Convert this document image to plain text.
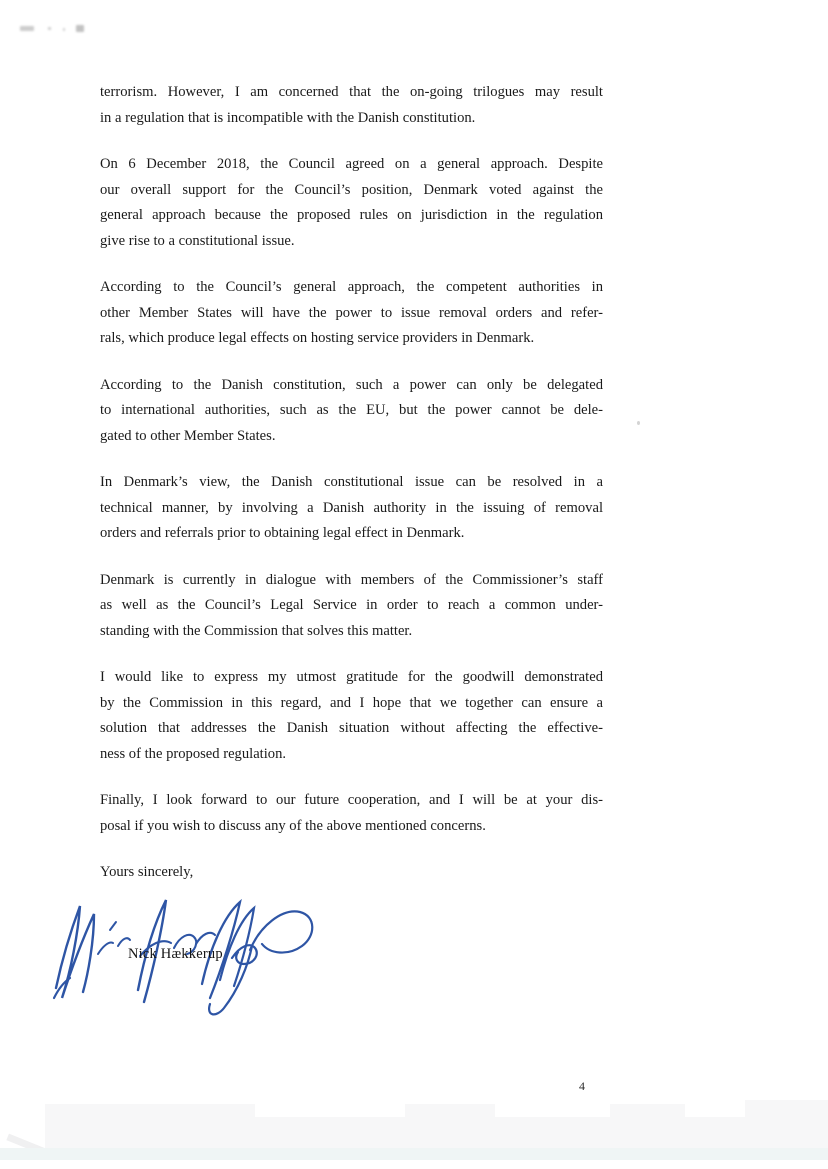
terrorism. However, I am concerned that the on-going trilogues may result
in a regulation that is incompatible with the Danish constitution.
On 6 December 2018, the Council agreed on a general approach. Despite
our overall support for the Council’s position, Denmark voted against the
general approach because the proposed rules on jurisdiction in the regulation
give rise to a constitutional issue.
According to the Council’s general approach, the competent authorities in
other Member States will have the power to issue removal orders and refer-
rals, which produce legal effects on hosting service providers in Denmark.
According to the Danish constitution, such a power can only be delegated
to international authorities, such as the EU, but the power cannot be dele-
gated to other Member States.
In Denmark’s view, the Danish constitutional issue can be resolved in a
technical manner, by involving a Danish authority in the issuing of removal
orders and referrals prior to obtaining legal effect in Denmark.
Denmark is currently in dialogue with members of the Commissioner’s staff
as well as the Council’s Legal Service in order to reach a common under-
standing with the Commission that solves this matter.
I would like to express my utmost gratitude for the goodwill demonstrated
by the Commission in this regard, and I hope that we together can ensure a
solution that addresses the Danish situation without affecting the effective-
ness of the proposed regulation.
Finally, I look forward to our future cooperation, and I will be at your dis-
posal if you wish to discuss any of the above mentioned concerns.
Yours sincerely,
Nick Hækkerup
4
